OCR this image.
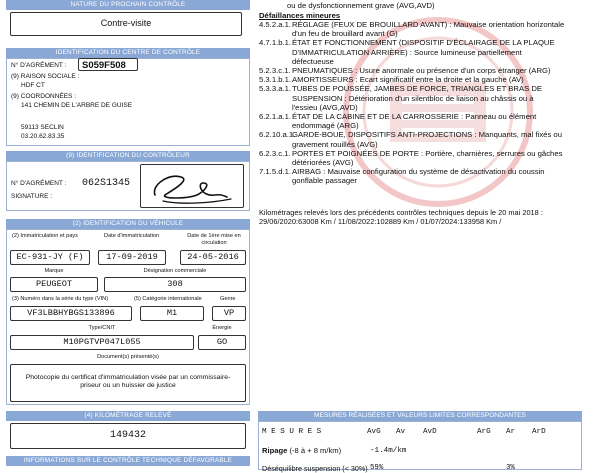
NATURE DU PROCHAIN CONTRÔLE
Contre-visite
IDENTIFICATION DU CENTRE DE CONTRÔLE
N° D'AGRÉMENT :	S059F508
(9) RAISON SOCIALE :
HDF CT
(9) COORDONNÉES :
141 CHEMIN DE L'ARBRE DE GUISE
59113 SECLIN
03.20.62.83.35
(9) IDENTIFICATION DU CONTRÔLEUR
N° D'AGRÉMENT : 062S1345
SIGNATURE :
(2) IDENTIFICATION DU VÉHICULE
(2) Immatriculation et pays	Date d'immatriculation	Date de 1ère mise en circulation
EC-931-JY (F)	17-09-2019	24-05-2016
Marque	Désignation commerciale
PEUGEOT	308
(3) Numéro dans la série du type (VIN)	(5) Catégorie internationale	Genre
VF3LBBHYBGS133896	M1	VP
Type/CNIT	Énergie
M10PGTVP047L055	GO
Document(s) présenté(s)
Photocopie du certificat d'immatriculation visée par un commissaire-priseur ou un huissier de justice
(4) KILOMÉTRAGE RELEVÉ
149432
INFORMATIONS SUR LE CONTRÔLE TECHNIQUE DÉFAVORABLE
ou de dysfonctionnement grave (AVG,AVD)
Défaillances mineures
4.5.2.a.1. RÉGLAGE (FEUX DE BROUILLARD AVANT) : Mauvaise orientation horizontale
d'un feu de brouillard avant (G)
4.7.1.b.1. ÉTAT ET FONCTIONNEMENT (DISPOSITIF D'ÉCLAIRAGE DE LA PLAQUE
D'IMMATRICULATION ARRIÈRE) : Source lumineuse partiellement
défectueuse
5.2.3.c.1. PNEUMATIQUES : Usure anormale ou présence d'un corps étranger (ARG)
5.3.1.b.1. AMORTISSEURS : Ecart significatif entre la droite et la gauche (AV)
5.3.3.a.1. TUBES DE POUSSÉE, JAMBES DE FORCE, TRIANGLES ET BRAS DE
SUSPENSION : Détérioration d'un silentbloc de liaison au châssis ou à
l'essieu (AVG,AVD)
6.2.1.a.1. ÉTAT DE LA CABINE ET DE LA CARROSSERIE : Panneau ou élément
endommagé (ARG)
6.2.10.a.1.
GARDE-BOUE, DISPOSITIFS ANTI-PROJECTIONS : Manquants, mal fixés ou
gravement rouillés (AVG)
6.2.3.c.1. PORTES ET POIGNÉES DE PORTE : Portière, charnières, serrures ou gâches
détériorées (AVG)
7.1.5.d.1. AIRBAG : Mauvaise configuration du système de désactivation du coussin
gonflable passager
Kilométrages relevés lors des précédents contrôles techniques depuis le 20 mai 2018 :
29/06/2020:63008 Km / 11/08/2022:102889 Km / 01/07/2024:133958 Km /
MESURES RÉALISÉES ET VALEURS LIMITES CORRESPONDANTES
M E S U R E S	AvG Av AvD	ArG Ar ArD
Ripage (-8 à + 8 m/km)	-1.4m/km
Déséquilibre suspension (< 30%) 59%	3%
